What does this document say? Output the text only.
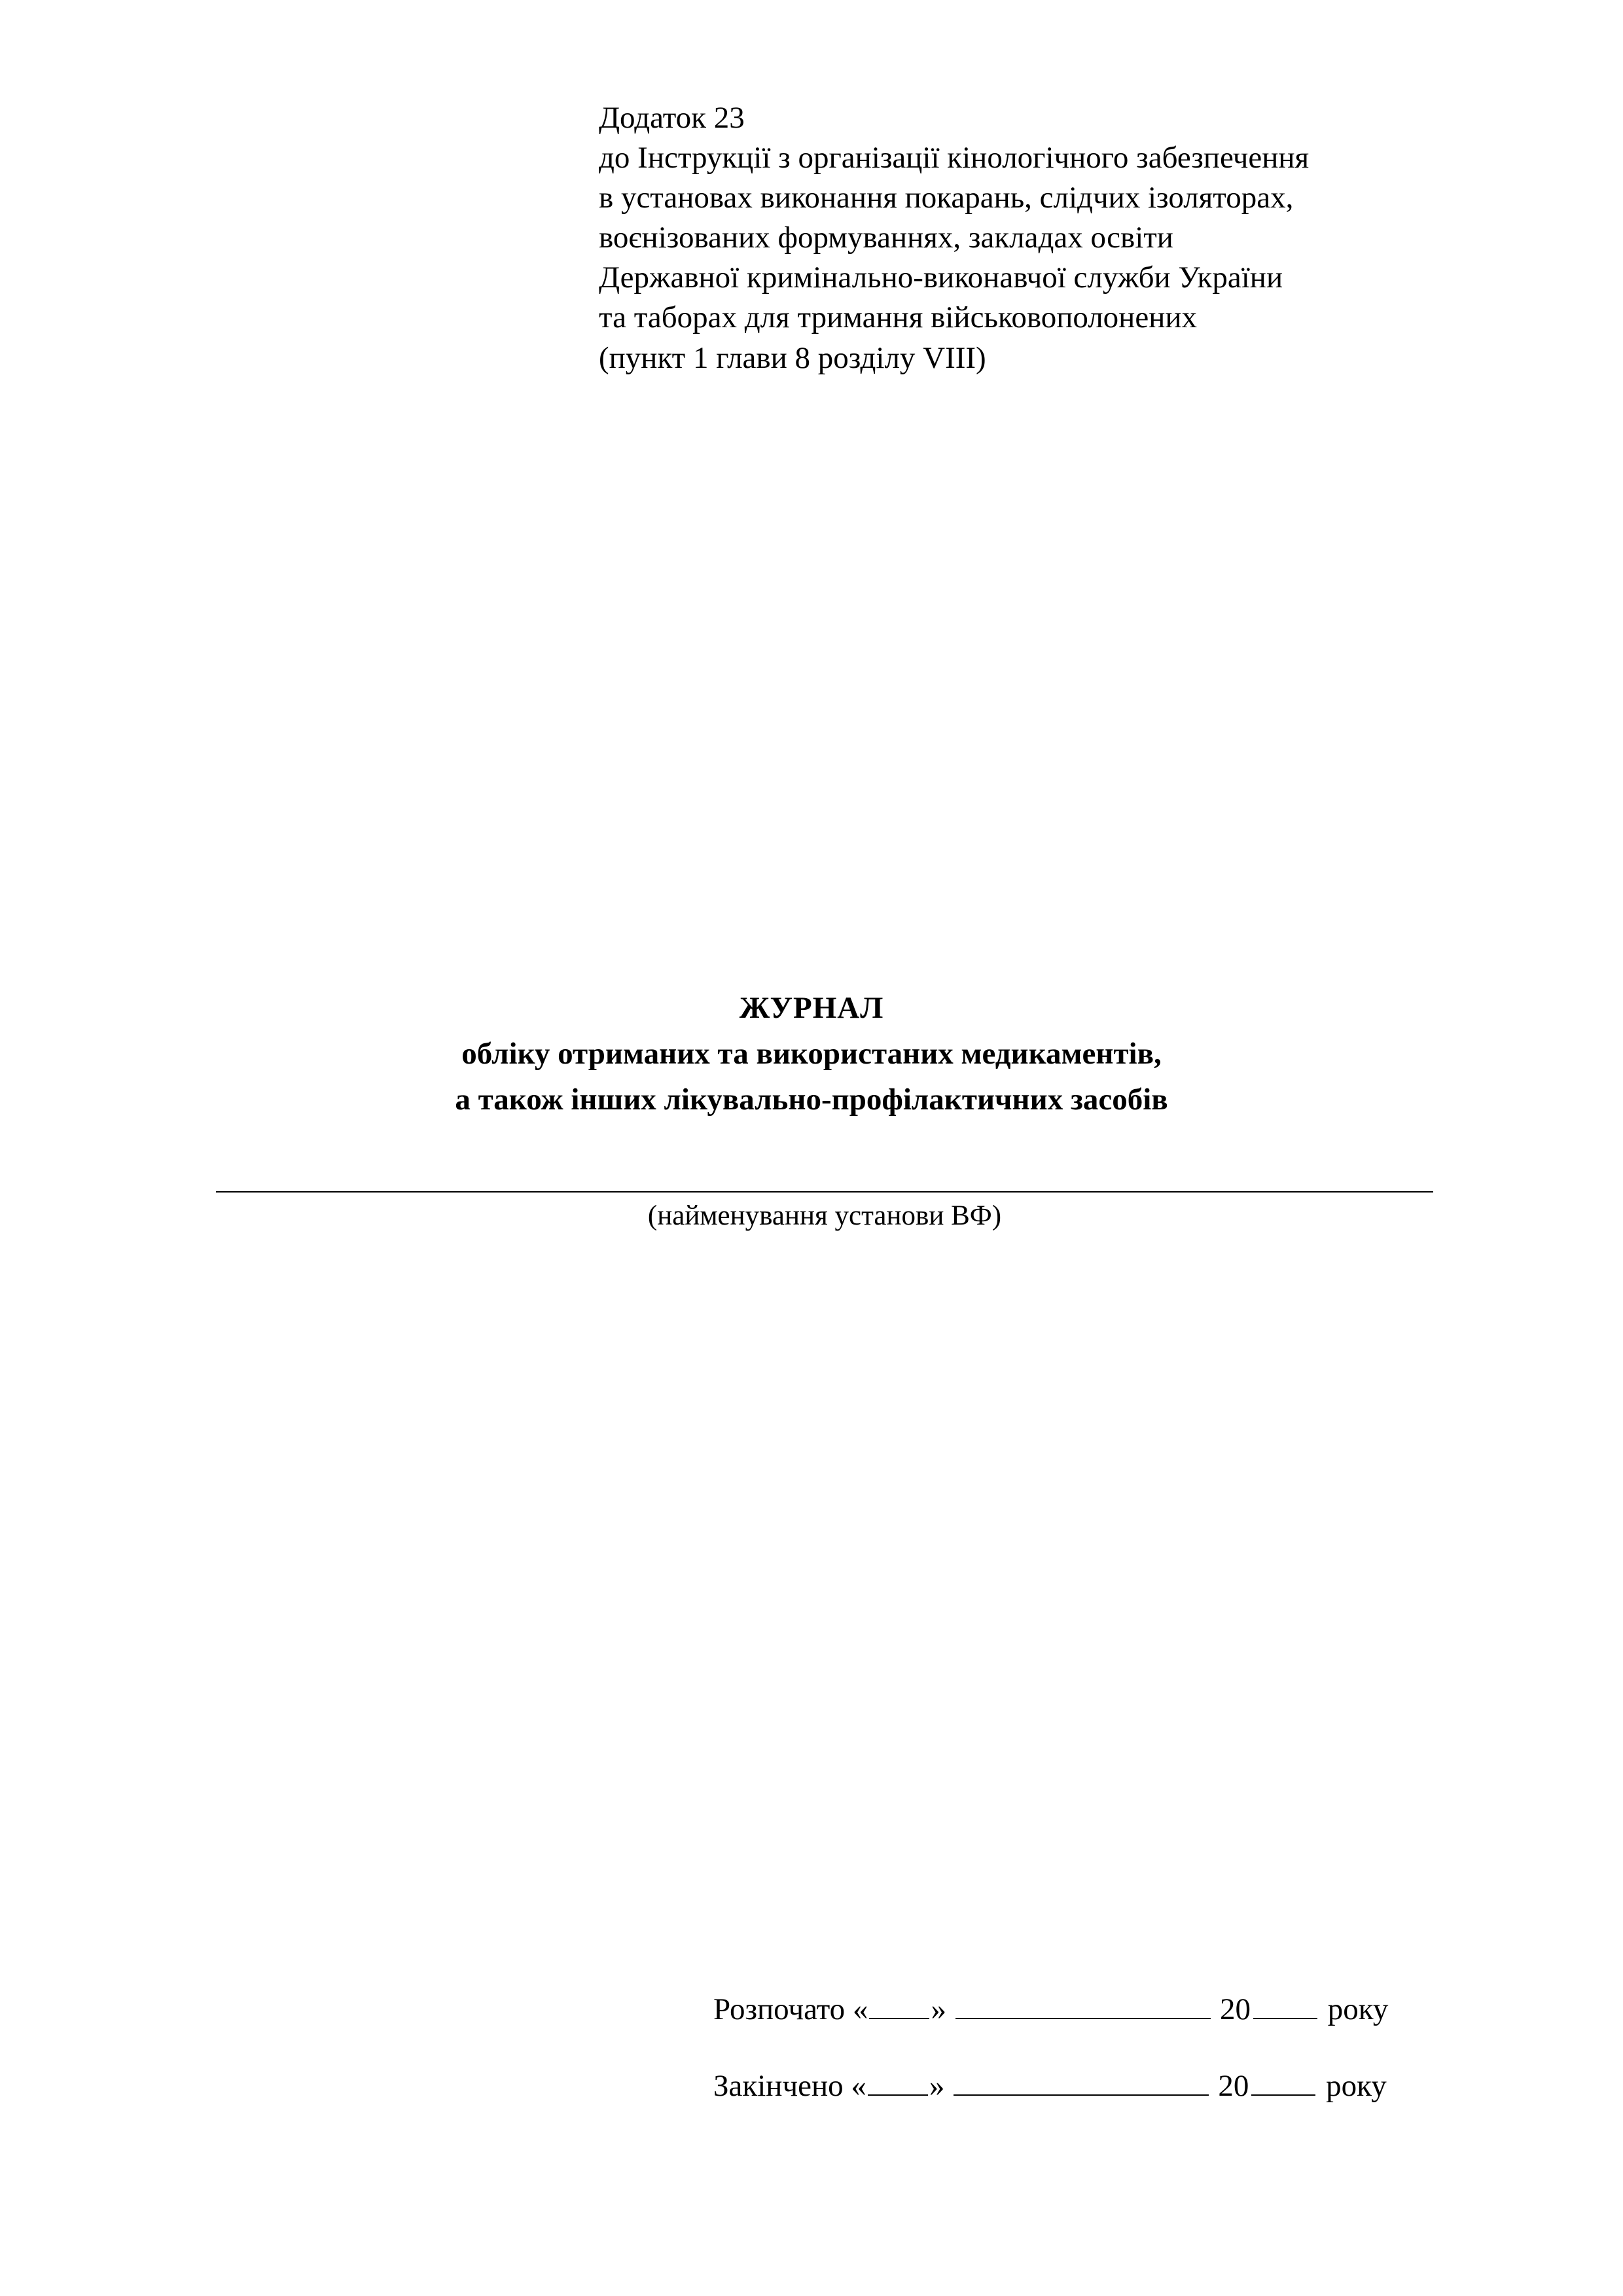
Додаток 23
до Інструкції з організації кінологічного забезпечення
в установах виконання покарань, слідчих ізоляторах,
воєнізованих формуваннях, закладах освіти
Державної кримінально-виконавчої служби України
та таборах для тримання військовополонених
(пункт 1 глави 8 розділу VIII)
ЖУРНАЛ
обліку отриманих та використаних медикаментів,
а також інших лікувально-профілактичних засобів
(найменування установи ВФ)
Розпочато
« »	20
	року
Закінчено
« »	20
	року
